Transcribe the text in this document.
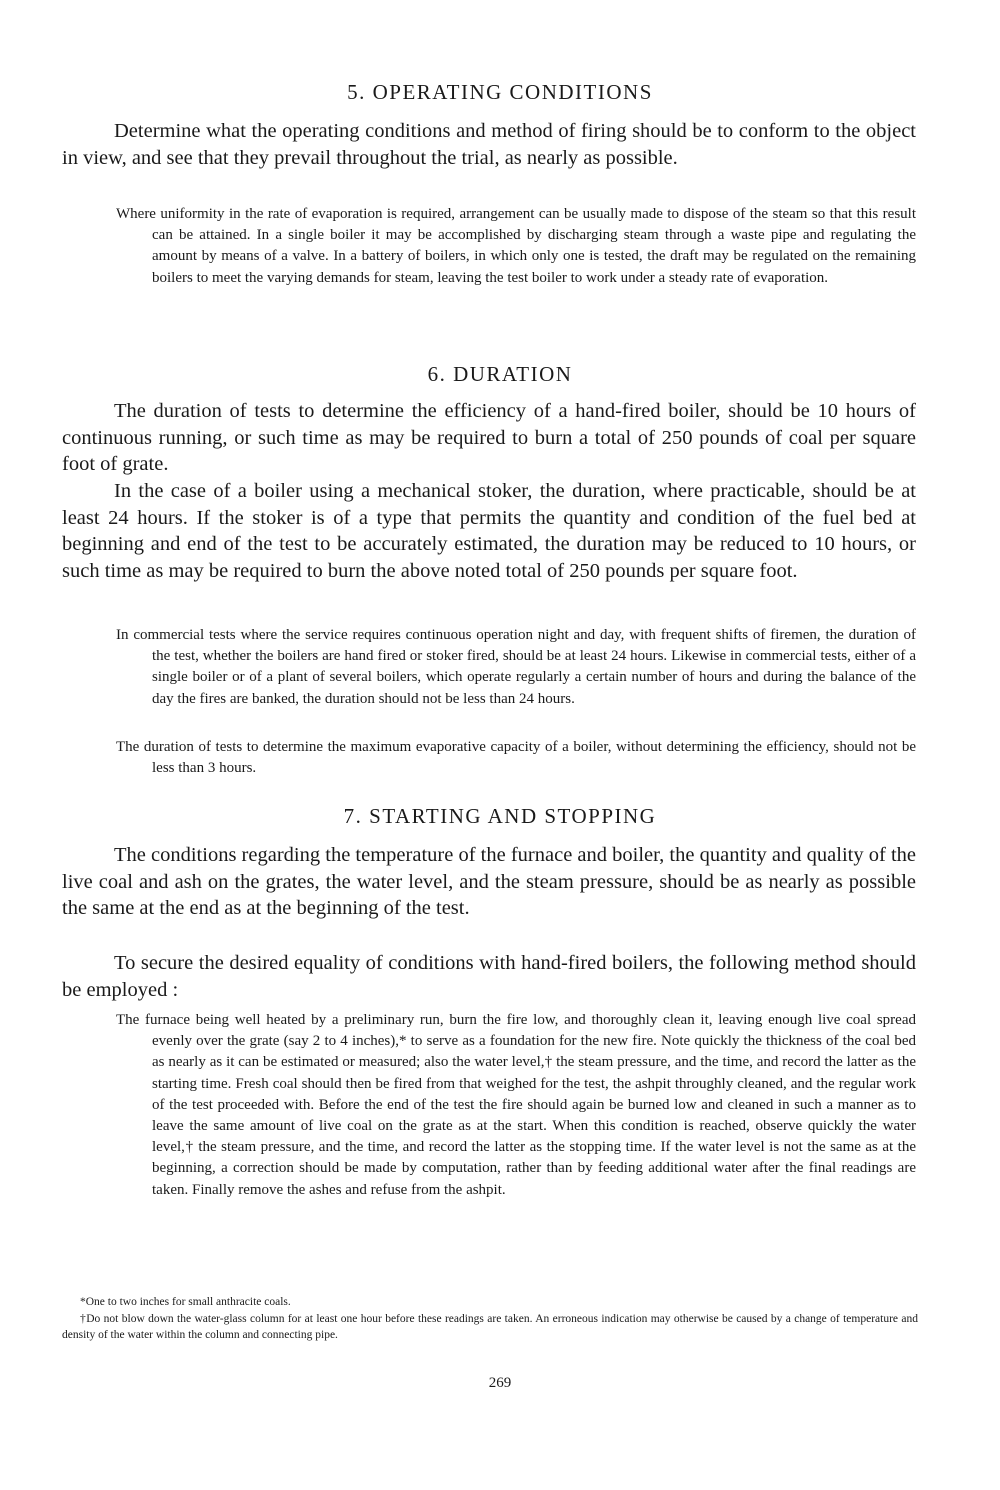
5. OPERATING CONDITIONS

Determine what the operating conditions and method of firing should be to conform to the object in view, and see that they prevail throughout the trial, as nearly as possible.

Where uniformity in the rate of evaporation is required, arrangement can be usually made to dispose of the steam so that this result can be attained. In a single boiler it may be accomplished by discharging steam through a waste pipe and regulating the amount by means of a valve. In a battery of boilers, in which only one is tested, the draft may be regulated on the remaining boilers to meet the varying demands for steam, leaving the test boiler to work under a steady rate of evaporation.

6. DURATION

The duration of tests to determine the efficiency of a hand-fired boiler, should be 10 hours of continuous running, or such time as may be required to burn a total of 250 pounds of coal per square foot of grate.

In the case of a boiler using a mechanical stoker, the duration, where practicable, should be at least 24 hours. If the stoker is of a type that permits the quantity and condition of the fuel bed at beginning and end of the test to be accurately estimated, the duration may be reduced to 10 hours, or such time as may be required to burn the above noted total of 250 pounds per square foot.

In commercial tests where the service requires continuous operation night and day, with frequent shifts of firemen, the duration of the test, whether the boilers are hand fired or stoker fired, should be at least 24 hours. Likewise in commercial tests, either of a single boiler or of a plant of several boilers, which operate regularly a certain number of hours and during the balance of the day the fires are banked, the duration should not be less than 24 hours.

The duration of tests to determine the maximum evaporative capacity of a boiler, without determining the efficiency, should not be less than 3 hours.

7. STARTING AND STOPPING

The conditions regarding the temperature of the furnace and boiler, the quantity and quality of the live coal and ash on the grates, the water level, and the steam pressure, should be as nearly as possible the same at the end as at the beginning of the test.

To secure the desired equality of conditions with hand-fired boilers, the following method should be employed :

The furnace being well heated by a preliminary run, burn the fire low, and thoroughly clean it, leaving enough live coal spread evenly over the grate (say 2 to 4 inches),* to serve as a foundation for the new fire. Note quickly the thickness of the coal bed as nearly as it can be estimated or measured; also the water level,† the steam pressure, and the time, and record the latter as the starting time. Fresh coal should then be fired from that weighed for the test, the ashpit throughly cleaned, and the regular work of the test proceeded with. Before the end of the test the fire should again be burned low and cleaned in such a manner as to leave the same amount of live coal on the grate as at the start. When this condition is reached, observe quickly the water level,† the steam pressure, and the time, and record the latter as the stopping time. If the water level is not the same as at the beginning, a correction should be made by computation, rather than by feeding additional water after the final readings are taken. Finally remove the ashes and refuse from the ashpit.

*One to two inches for small anthracite coals.

†Do not blow down the water-glass column for at least one hour before these readings are taken. An erroneous indication may otherwise be caused by a change of temperature and density of the water within the column and connecting pipe.

269
